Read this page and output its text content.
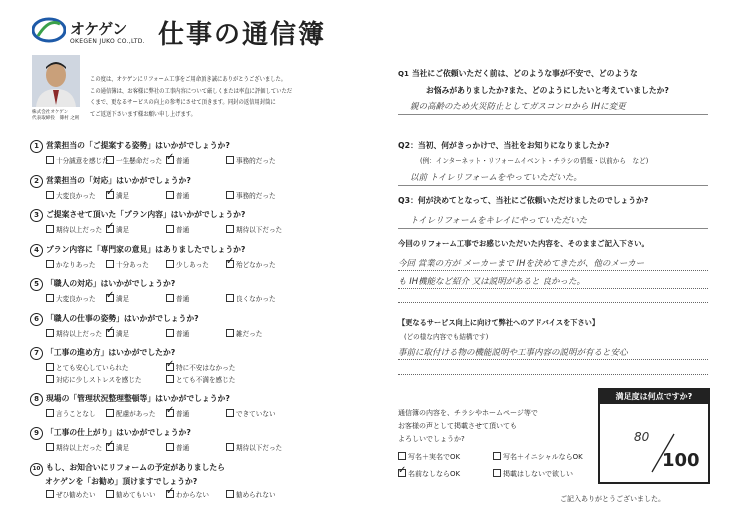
オケゲン
OKEGEN JUKO CO.,LTD. 仕事の通信簿
株式会社オケゲン
代表取締役　篠村 之則
この度は、オケゲンにリフォーム工事をご用命頂き誠にありがとうございました。
この通信簿は、お客様に弊社の工事内容について厳しくまたは率直に評価していただ
くまで、更なるサービスの向上の参考にさせて頂きます。同封の返信用封筒に
てご返送下さいます様お願い申し上げます。
1 営業担当の「ご提案する姿勢」はいかがでしょうか?
十分誠意を感じた	一生懸命だった ✓	普通	事務的だった
2 営業担当の「対応」はいかがでしょうか?
大変良かった ✓	満足	普通	事務的だった
3 ご提案させて頂いた「プラン内容」はいかがでしょうか?
期待以上だった ✓	満足	普通	期待以下だった
4 プラン内容に「専門家の意見」はありましたでしょうか?
かなりあった	十分あった	少しあった ✓	殆どなかった
5 「職人の対応」はいかがでしょうか?
大変良かった ✓	満足	普通	良くなかった
6 「職人の仕事の姿勢」はいかがでしょうか?
期待以上だった ✓	満足	普通	雑だった
7 「工事の進め方」はいかがでしたか?
とても安心していられた ✓	特に不安はなかった
対応に少しストレスを感じた	とても不満を感じた
8 現場の「管理状況整理整頓等」はいかがでしょうか?
言うことなし	配慮があった ✓	普通	できていない
9 「工事の仕上がり」はいかがでしょうか?
期待以上だった ✓	満足	普通	期待以下だった
10 もし、お知合いにリフォームの予定がありましたら
オケゲンを「お勧め」頂けますでしょうか?
ぜひ勧めたい	勧めてもいい ✓	わからない	勧められない
Q1 当社にご依頼いただく前は、どのような事が不安で、どのような
お悩みがありましたか?また、どのようにしたいと考えていましたか?
親の高齢のため火災防止としてガスコンロから IHに変更
Q2：当初、何がきっかけで、当社をお知りになりましたか?
(例：インターネット・リフォームイベント・チラシの情報・以前から　など)
以前 トイレリフォームをやっていただいた。
Q3：何が決めてとなって、当社にご依頼いただけましたのでしょうか?
トイレリフォームをキレイにやっていただいた
今回のリフォーム工事でお感じいただいた内容を、そのままご記入下さい。
今回 営業の方が メーカーまで IHを決めてきたが、他のメーカー
も IH機能など紹介 又は説明があると 良かった。
【更なるサービス向上に向けて弊社へのアドバイスを下さい】
(どの様な内容でも結構です)
事前に取付ける物の機能説明や工事内容の説明が有ると安心
通信簿の内容を、チラシやホームページ等で
お客様の声として掲載させて頂いても
よろしいでしょうか?
写名＋実名でOK	写名＋イニシャルならOK
✓名前なしならOK	掲載はしないで欲しい
満足度は何点ですか?
80
100
ご記入ありがとうございました。
